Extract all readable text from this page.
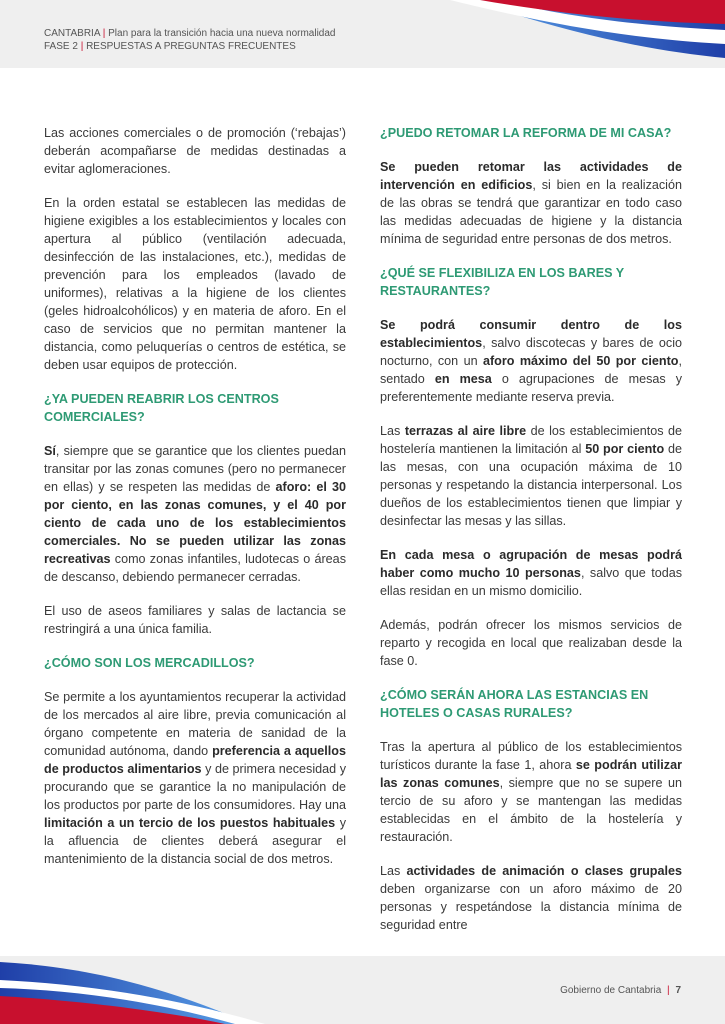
CANTABRIA | Plan para la transición hacia una nueva normalidad
FASE 2 | RESPUESTAS A PREGUNTAS FRECUENTES

Las acciones comerciales o de promoción (‘rebajas’) deberán acompañarse de medidas destinadas a evitar aglomeraciones.

En la orden estatal se establecen las medidas de higiene exigibles a los establecimientos y locales con apertura al público (ventilación adecuada, desinfección de las instalaciones, etc.), medidas de prevención para los empleados (lavado de uniformes), relativas a la higiene de los clientes (geles hidroalcohólicos) y en materia de aforo. En el caso de servicios que no permitan mantener la distancia, como peluquerías o centros de estética, se deben usar equipos de protección.

¿YA PUEDEN REABRIR LOS CENTROS COMERCIALES?

Sí, siempre que se garantice que los clientes puedan transitar por las zonas comunes (pero no permanecer en ellas) y se respeten las medidas de aforo: el 30 por ciento, en las zonas comunes, y el 40 por ciento de cada uno de los establecimientos comerciales. No se pueden utilizar las zonas recreativas como zonas infantiles, ludotecas o áreas de descanso, debiendo permanecer cerradas.

El uso de aseos familiares y salas de lactancia se restringirá a una única familia.

¿CÓMO SON LOS MERCADILLOS?

Se permite a los ayuntamientos recuperar la actividad de los mercados al aire libre, previa comunicación al órgano competente en materia de sanidad de la comunidad autónoma, dando preferencia a aquellos de productos alimentarios y de primera necesidad y procurando que se garantice la no manipulación de los productos por parte de los consumidores. Hay una limitación a un tercio de los puestos habituales y la afluencia de clientes deberá asegurar el mantenimiento de la distancia social de dos metros.

¿PUEDO RETOMAR LA REFORMA DE MI CASA?

Se pueden retomar las actividades de intervención en edificios, si bien en la realización de las obras se tendrá que garantizar en todo caso las medidas adecuadas de higiene y la distancia mínima de seguridad entre personas de dos metros.

¿QUÉ SE FLEXIBILIZA EN LOS BARES Y RESTAURANTES?

Se podrá consumir dentro de los establecimientos, salvo discotecas y bares de ocio nocturno, con un aforo máximo del 50 por ciento, sentado en mesa o agrupaciones de mesas y preferentemente mediante reserva previa.

Las terrazas al aire libre de los establecimientos de hostelería mantienen la limitación al 50 por ciento de las mesas, con una ocupación máxima de 10 personas y respetando la distancia interpersonal. Los dueños de los establecimientos tienen que limpiar y desinfectar las mesas y las sillas.

En cada mesa o agrupación de mesas podrá haber como mucho 10 personas, salvo que todas ellas residan en un mismo domicilio.

Además, podrán ofrecer los mismos servicios de reparto y recogida en local que realizaban desde la fase 0.

¿CÓMO SERÁN AHORA LAS ESTANCIAS EN HOTELES O CASAS RURALES?

Tras la apertura al público de los establecimientos turísticos durante la fase 1, ahora se podrán utilizar las zonas comunes, siempre que no se supere un tercio de su aforo y se mantengan las medidas establecidas en el ámbito de la hostelería y restauración.

Las actividades de animación o clases grupales deben organizarse con un aforo máximo de 20 personas y respetándose la distancia mínima de seguridad entre

Gobierno de Cantabria | 7
